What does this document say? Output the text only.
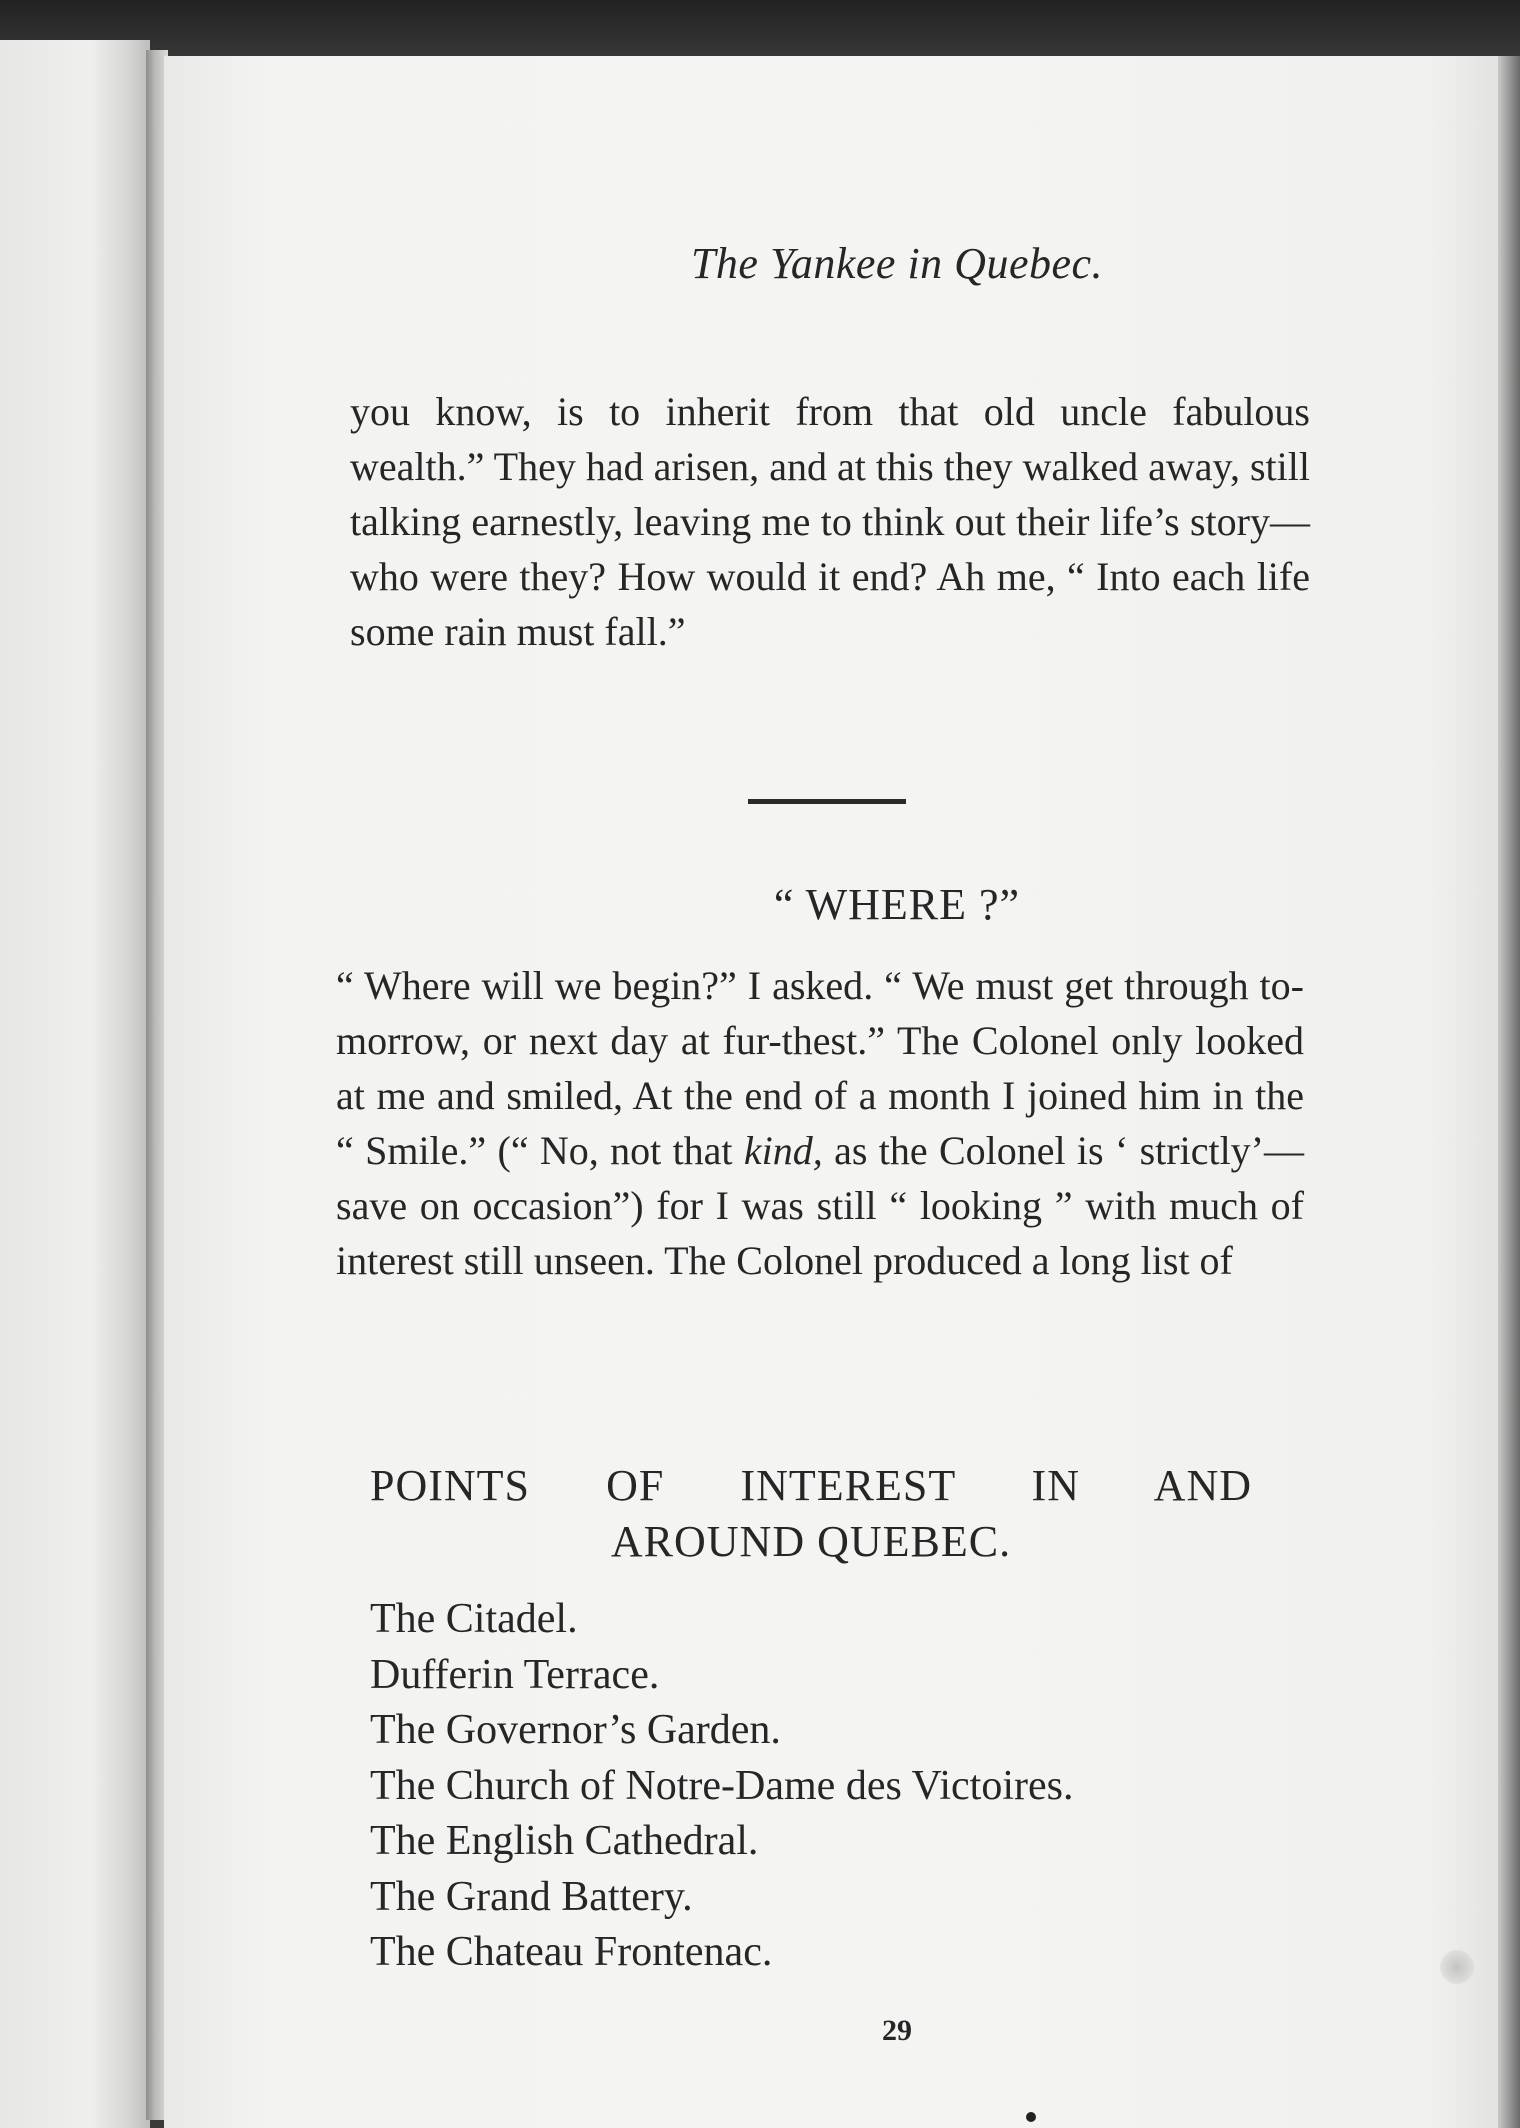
The Yankee in Quebec.

you know, is to inherit from that old uncle fabulous wealth.” They had arisen, and at this they walked away, still talking earnestly, leaving me to think out their life’s story—who were they? How would it end? Ah me, “ Into each life some rain must fall.”

“ WHERE ?”

“ Where will we begin?” I asked. “ We must get through to-morrow, or next day at fur-thest.” The Colonel only looked at me and smiled, At the end of a month I joined him in the “ Smile.” (“ No, not that kind, as the Colonel is ‘ strictly’—save on occasion”) for I was still “ looking ” with much of interest still unseen. The Colonel produced a long list of

POINTS OF INTEREST IN AND
AROUND QUEBEC.
The Citadel.
Dufferin Terrace.
The Governor’s Garden.
The Church of Notre-Dame des Victoires.
The English Cathedral.
The Grand Battery.
The Chateau Frontenac.
29
